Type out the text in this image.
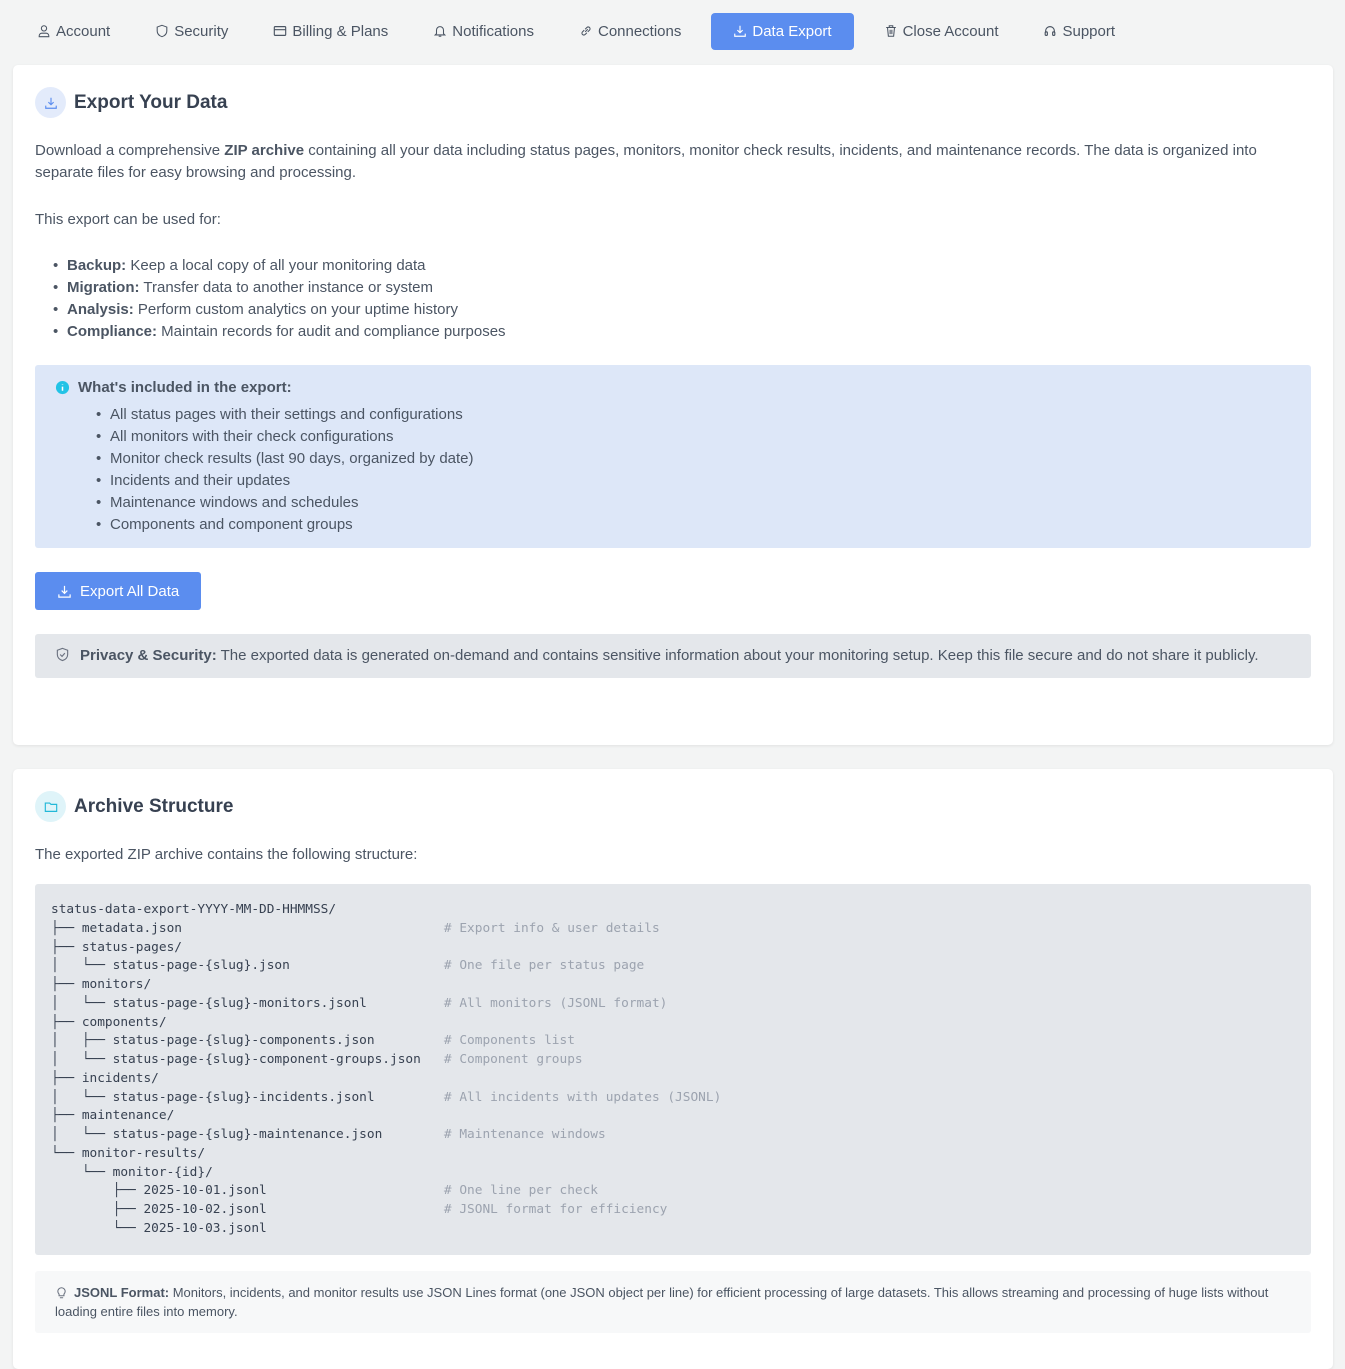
Account	Security	Billing & Plans	Notifications	Connections	Data Export	Close Account	Support
Export Your Data

Download a comprehensive ZIP archive containing all your data including status pages, monitors, monitor check results, incidents, and maintenance records. The data is organized into separate files for easy browsing and processing.

This export can be used for:

• Backup: Keep a local copy of all your monitoring data
• Migration: Transfer data to another instance or system
• Analysis: Perform custom analytics on your uptime history
• Compliance: Maintain records for audit and compliance purposes
What's included in the export:
• All status pages with their settings and configurations
• All monitors with their check configurations
• Monitor check results (last 90 days, organized by date)
• Incidents and their updates
• Maintenance windows and schedules
• Components and component groups
Export All Data
Privacy & Security: The exported data is generated on-demand and contains sensitive information about your monitoring setup. Keep this file secure and do not share it publicly.
Archive Structure

The exported ZIP archive contains the following structure:

status-data-export-YYYY-MM-DD-HHMMSS/
├── metadata.json	# Export info & user details
├── status-pages/
│   └── status-page-{slug}.json	# One file per status page
├── monitors/
│   └── status-page-{slug}-monitors.jsonl	# All monitors (JSONL format)
├── components/
│   ├── status-page-{slug}-components.json	# Components list
│   └── status-page-{slug}-component-groups.json # Component groups
├── incidents/
│   └── status-page-{slug}-incidents.jsonl	# All incidents with updates (JSONL)
├── maintenance/
│   └── status-page-{slug}-maintenance.json	# Maintenance windows
└── monitor-results/
└── monitor-{id}/
├── 2025-10-01.jsonl	# One line per check
├── 2025-10-02.jsonl	# JSONL format for efficiency
└── 2025-10-03.jsonl
JSONL Format: Monitors, incidents, and monitor results use JSON Lines format (one JSON object per line) for efficient processing of large datasets. This allows streaming and processing of huge lists without loading entire files into memory.
